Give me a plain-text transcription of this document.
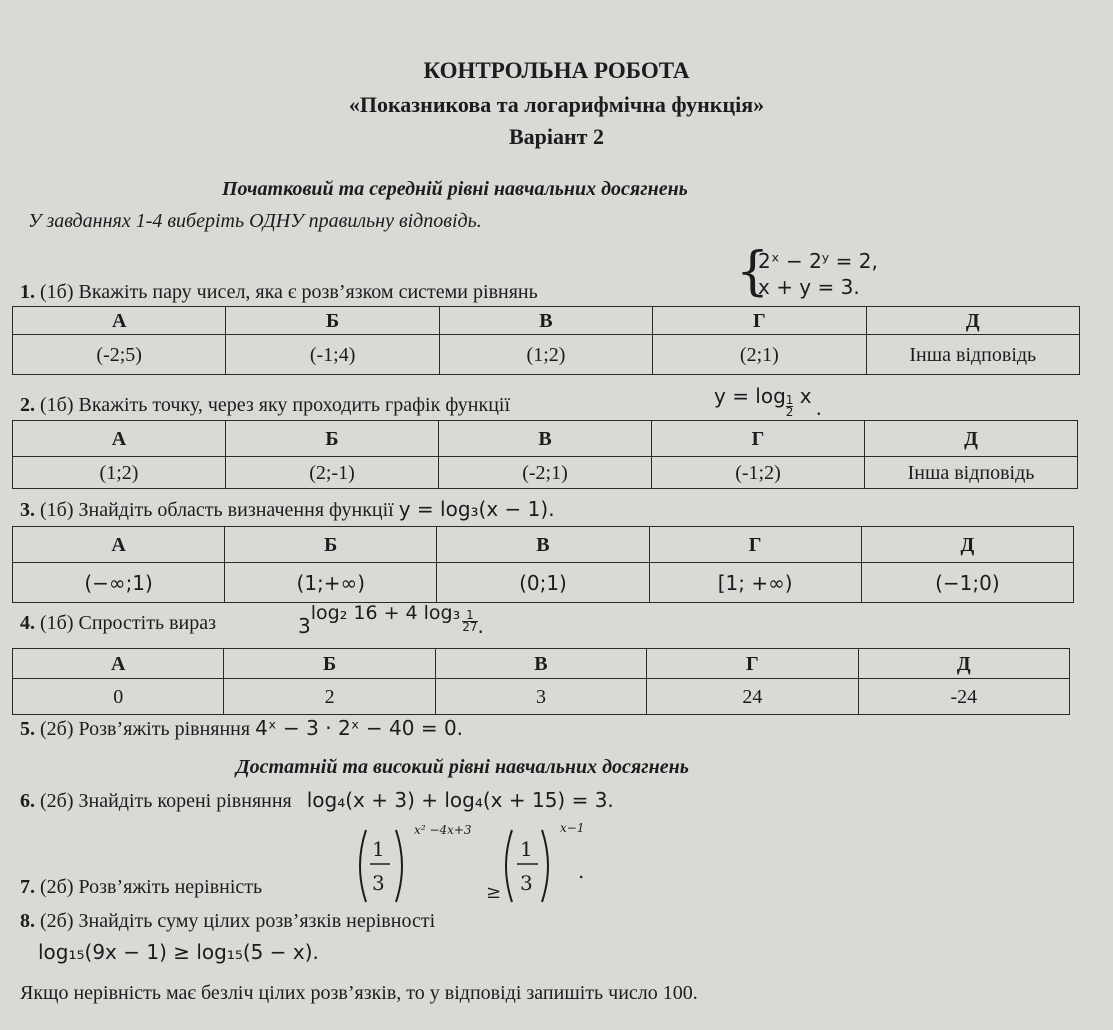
КОНТРОЛЬНА РОБОТА
«Показникова та логарифмічна функція»
Варіант 2
Початковий та середній рівні навчальних досягнень
У завданнях 1-4 виберіть ОДНУ правильну відповідь.
1. (1б) Вкажіть пару чисел, яка є розв’язком системи рівнянь	{
2ˣ − 2ʸ = 2,
x + y = 3.
А	Б	В	Г	Д
(-2;5)	(-1;4)	(1;2)	(2;1)	Інша відповідь
2. (1б) Вкажіть точку, через яку проходить графік функції	$y = \log \frac{1}{2}$ x .
А	Б	В	Г	Д
(1;2)	(2;-1)	(-2;1)	(-1;2)	Інша відповідь
3. (1б) Знайдіть область визначення функції y = log₃(x − 1).
А	Б	В	Г	Д
(−∞;1)	(1;+∞)	(0;1)	[1; +∞)	(−1;0)
4. (1б) Спростіть вираз	3log₂ 16 + 4 $\log_3 \frac{1}{27}$ .
А	Б	В	Г	Д
0	2	3	24	-24
5. (2б) Розв’яжіть рівняння 4ˣ − 3 · 2ˣ − 40 = 0.
Достатній та високий рівні навчальних досягнень
6. (2б) Знайдіть корені рівняння log₄(x + 3) + log₄(x + 15) = 3.
7. (2б) Розв’яжіть нерівність
1
3
x² −4x+3
≥
1
3
x−1
.
8. (2б) Знайдіть суму цілих розв’язків нерівності
log₁₅(9x − 1) ≥ log₁₅(5 − x).
Якщо нерівність має безліч цілих розв’язків, то у відповіді запишіть число 100.
